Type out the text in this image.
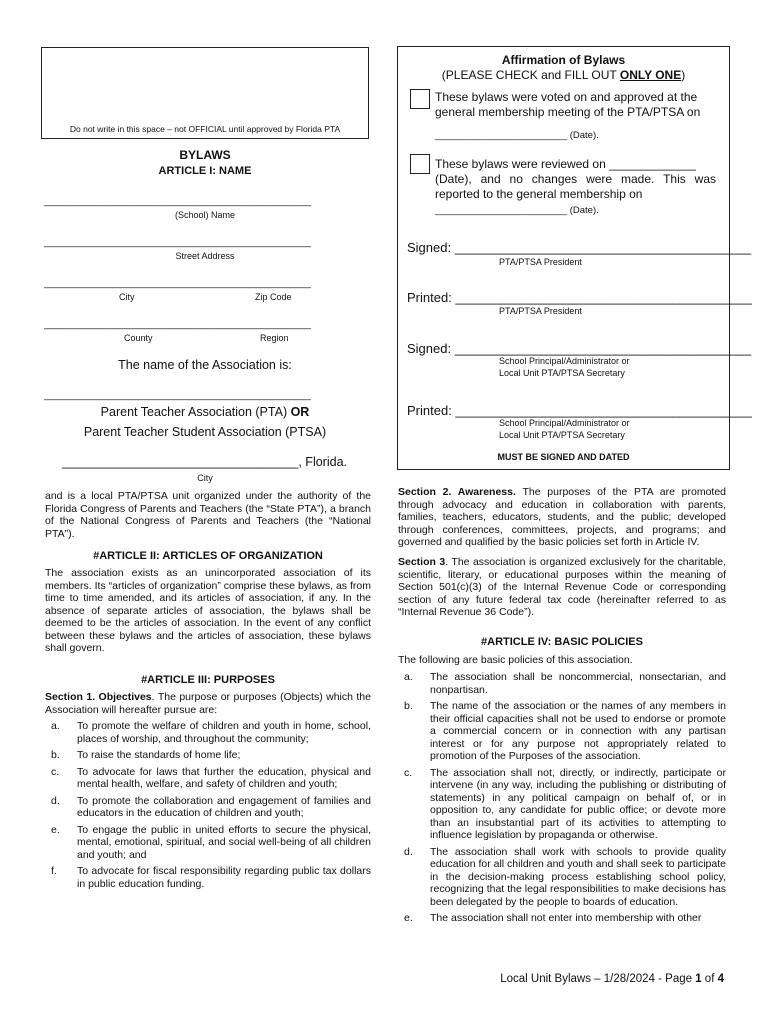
Do not write in this space – not OFFICIAL until approved by Florida PTA
BYLAWS
ARTICLE I: NAME
________________________________________________
(School) Name
________________________________________________
Street Address
________________________________________________
City	Zip Code
________________________________________________
County	Region
The name of the Association is:
________________________________________________
Parent Teacher Association (PTA) OR
Parent Teacher Student Association (PTSA)
__________________________________, Florida.
City
and is a local PTA/PTSA unit organized under the authority of the Florida Congress of Parents and Teachers (the “State PTA”), a branch of the National Congress of Parents and Teachers (the “National PTA”).
#ARTICLE II: ARTICLES OF ORGANIZATION
The association exists as an unincorporated association of its members. Its “articles of organization” comprise these bylaws, as from time to time amended, and its articles of association, if any. In the absence of separate articles of association, the bylaws shall be deemed to be the articles of association. In the event of any conflict between these bylaws and the articles of association, these bylaws shall govern.
#ARTICLE III: PURPOSES
Section 1. Objectives. The purpose or purposes (Objects) which the Association will hereafter pursue are:
a.	To promote the welfare of children and youth in home, school, places of worship, and throughout the community;
b.	To raise the standards of home life;
c.	To advocate for laws that further the education, physical and mental health, welfare, and safety of children and youth;
d.	To promote the collaboration and engagement of families and educators in the education of children and youth;
e.	To engage the public in united efforts to secure the physical, mental, emotional, spiritual, and social well-being of all children and youth; and
f.	To advocate for fiscal responsibility regarding public tax dollars in public education funding.
Affirmation of Bylaws
(PLEASE CHECK and FILL OUT ONLY ONE)
These bylaws were voted on and approved at the general membership meeting of the PTA/PTSA on
_________________________ (Date).
These bylaws were reviewed on _____________
(Date), and no changes were made. This was reported to the general membership on
_________________________ (Date).
Signed: _________________________________________
PTA/PTSA President
Printed: _________________________________________
PTA/PTSA President
Signed: _________________________________________
School Principal/Administrator or
Local Unit PTA/PTSA Secretary
Printed: _________________________________________
School Principal/Administrator or
Local Unit PTA/PTSA Secretary
MUST BE SIGNED AND DATED
Section 2. Awareness. The purposes of the PTA are promoted through advocacy and education in collaboration with parents, families, teachers, educators, students, and the public; developed through conferences, committees, projects, and programs; and governed and qualified by the basic policies set forth in Article IV.
Section 3. The association is organized exclusively for the charitable, scientific, literary, or educational purposes within the meaning of Section 501(c)(3) of the Internal Revenue Code or corresponding section of any future federal tax code (hereinafter referred to as “Internal Revenue 36 Code”).
#ARTICLE IV: BASIC POLICIES
The following are basic policies of this association.
a.	The association shall be noncommercial, nonsectarian, and nonpartisan.
b.	The name of the association or the names of any members in their official capacities shall not be used to endorse or promote a commercial concern or in connection with any partisan interest or for any purpose not appropriately related to promotion of the Purposes of the association.
c.	The association shall not, directly, or indirectly, participate or intervene (in any way, including the publishing or distributing of statements) in any political campaign on behalf of, or in opposition to, any candidate for public office; or devote more than an insubstantial part of its activities to attempting to influence legislation by propaganda or otherwise.
d.	The association shall work with schools to provide quality education for all children and youth and shall seek to participate in the decision-making process establishing school policy, recognizing that the legal responsibilities to make decisions has been delegated by the people to boards of education.
e.	The association shall not enter into membership with other
Local Unit Bylaws – 1/28/2024 - Page 1 of 4
